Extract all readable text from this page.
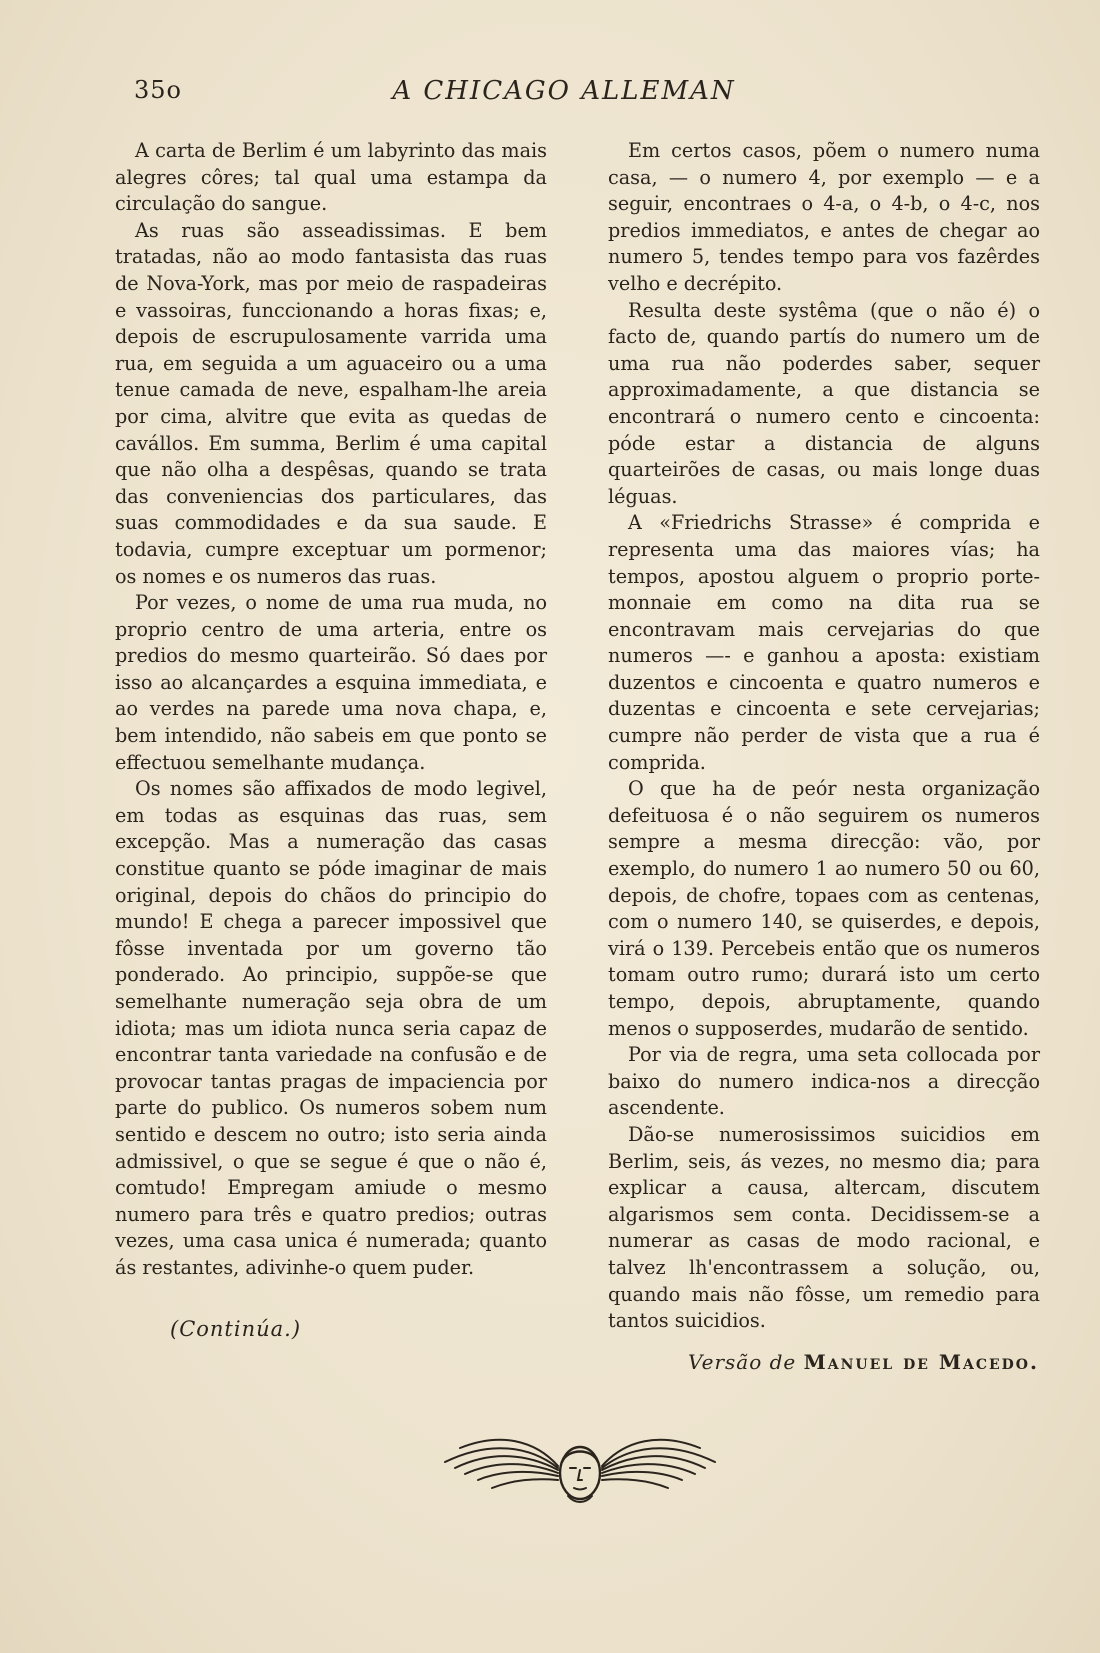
35o	A CHICAGO ALLEMAN

A carta de Berlim é um labyrinto das mais alegres côres; tal qual uma estampa da circulação do sangue.

As ruas são asseadissimas. E bem tratadas, não ao modo fantasista das ruas de Nova-York, mas por meio de raspadeiras e vassoiras, funccionando a horas fixas; e, depois de escrupulosamente varrida uma rua, em seguida a um aguaceiro ou a uma tenue camada de neve, espalham-lhe areia por cima, alvitre que evita as quedas de cavállos. Em summa, Berlim é uma capital que não olha a despêsas, quando se trata das conveniencias dos particulares, das suas commodidades e da sua saude. E todavia, cumpre exceptuar um pormenor; os nomes e os numeros das ruas.

Por vezes, o nome de uma rua muda, no proprio centro de uma arteria, entre os predios do mesmo quarteirão. Só daes por isso ao alcançardes a esquina immediata, e ao verdes na parede uma nova chapa, e, bem intendido, não sabeis em que ponto se effectuou semelhante mudança.

Os nomes são affixados de modo legivel, em todas as esquinas das ruas, sem excepção. Mas a numeração das casas constitue quanto se póde imaginar de mais original, depois do chãos do principio do mundo! E chega a parecer impossivel que fôsse inventada por um governo tão ponderado. Ao principio, suppõe-se que semelhante numeração seja obra de um idiota; mas um idiota nunca seria capaz de encontrar tanta variedade na confusão e de provocar tantas pragas de impaciencia por parte do publico. Os numeros sobem num sentido e descem no outro; isto seria ainda admissivel, o que se segue é que o não é, comtudo! Empregam amiude o mesmo numero para três e quatro predios; outras vezes, uma casa unica é numerada; quanto ás restantes, adivinhe-o quem puder.

Em certos casos, põem o numero numa casa, — o numero 4, por exemplo — e a seguir, encontraes o 4-a, o 4-b, o 4-c, nos predios immediatos, e antes de chegar ao numero 5, tendes tempo para vos fazêrdes velho e decrépito.

Resulta deste systêma (que o não é) o facto de, quando partís do numero um de uma rua não poderdes saber, sequer approximadamente, a que distancia se encontrará o numero cento e cincoenta: póde estar a distancia de alguns quarteirões de casas, ou mais longe duas léguas.

A «Friedrichs Strasse» é comprida e representa uma das maiores vías; ha tempos, apostou alguem o proprio porte-monnaie em como na dita rua se encontravam mais cervejarias do que numeros —- e ganhou a aposta: existiam duzentos e cincoenta e quatro numeros e duzentas e cincoenta e sete cervejarias; cumpre não perder de vista que a rua é comprida.

O que ha de peór nesta organização defeituosa é o não seguirem os numeros sempre a mesma direcção: vão, por exemplo, do numero 1 ao numero 50 ou 60, depois, de chofre, topaes com as centenas, com o numero 140, se quiserdes, e depois, virá o 139. Percebeis então que os numeros tomam outro rumo; durará isto um certo tempo, depois, abruptamente, quando menos o supposerdes, mudarão de sentido.

Por via de regra, uma seta collocada por baixo do numero indica-nos a direcção ascendente.

Dão-se numerosissimos suicidios em Berlim, seis, ás vezes, no mesmo dia; para explicar a causa, altercam, discutem algarismos sem conta. Decidissem-se a numerar as casas de modo racional, e talvez lh'encontrassem a solução, ou, quando mais não fôsse, um remedio para tantos suicidios.

(Continúa.)
Versão de Manuel de Macedo.
